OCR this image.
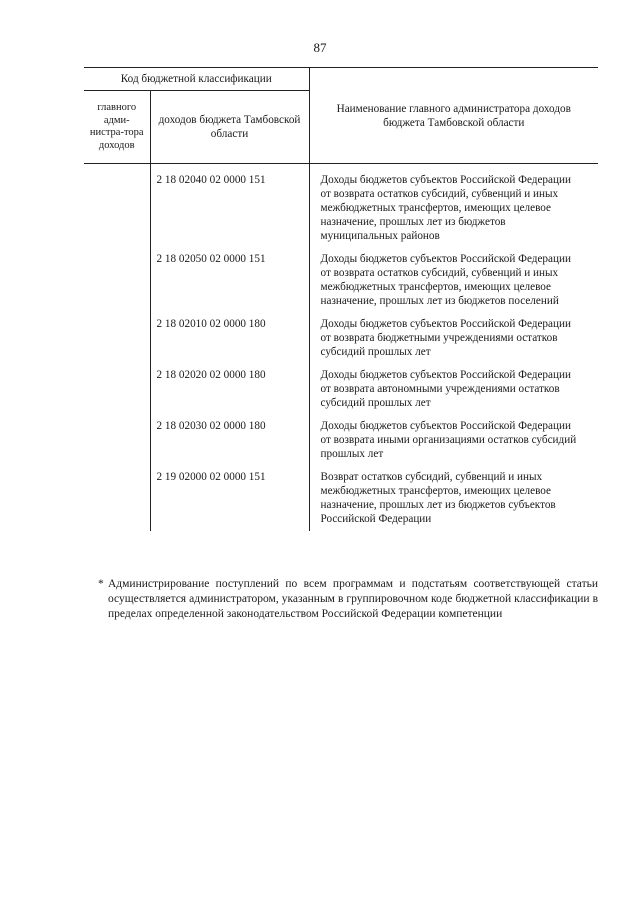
87
Код бюджетной классификации		Наименование главного администратора доходов бюджета Тамбовской области
главного адми-нистра-тора доходов	доходов бюджета Тамбовской области	
	2 18 02040 02 0000 151	Доходы бюджетов субъектов Российской Федерации от возврата остатков субсидий, субвенций и иных межбюджетных трансфертов, имеющих целевое назначение, прошлых лет из бюджетов муниципальных районов
	2 18 02050 02 0000 151	Доходы бюджетов субъектов Российской Федерации от возврата остатков субсидий, субвенций и иных межбюджетных трансфертов, имеющих целевое назначение, прошлых лет из бюджетов поселений
	2 18 02010 02 0000 180	Доходы бюджетов субъектов Российской Федерации от возврата бюджетными учреждениями остатков субсидий прошлых лет
	2 18 02020 02 0000 180	Доходы бюджетов субъектов Российской Федерации от возврата автономными учреждениями остатков субсидий прошлых лет
	2 18 02030 02 0000 180	Доходы бюджетов субъектов Российской Федерации от возврата иными организациями остатков субсидий прошлых лет
	2 19 02000 02 0000 151	Возврат остатков субсидий, субвенций и иных межбюджетных трансфертов, имеющих целевое назначение, прошлых лет из бюджетов субъектов Российской Федерации
* Администрирование поступлений по всем программам и подстатьям соответствующей статьи осуществляется администратором, указанным в группировочном коде бюджетной классификации в пределах определенной законодательством Российской Федерации компетенции
